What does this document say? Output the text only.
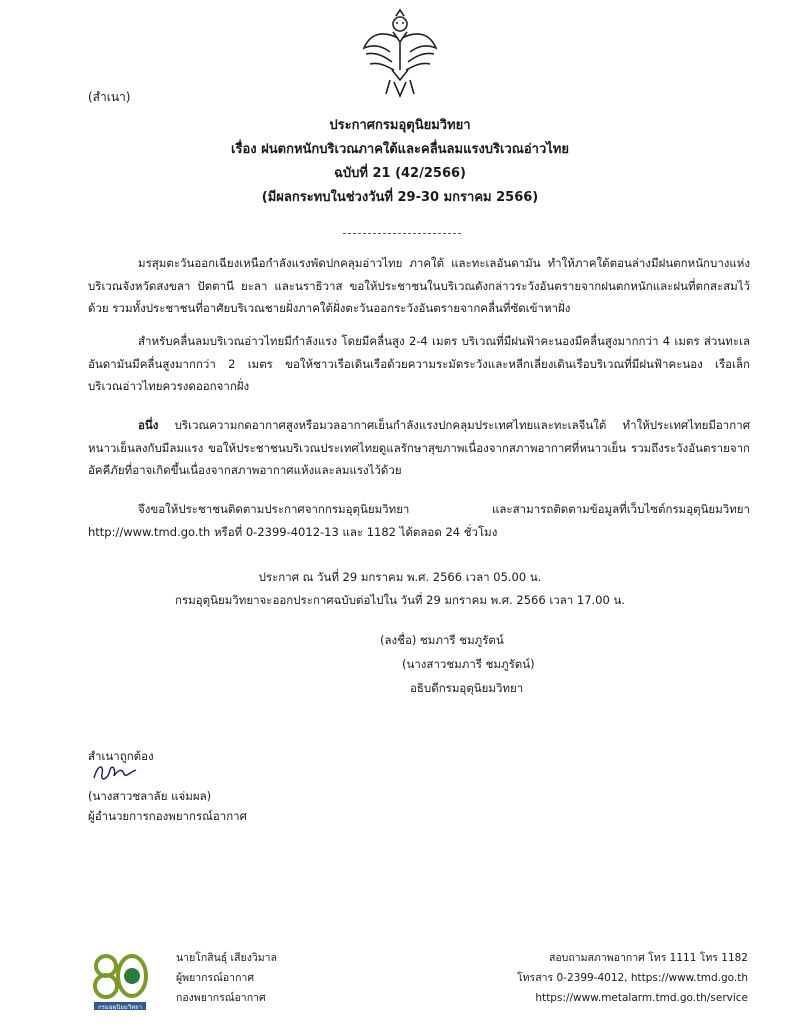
(สำเนา)
ประกาศกรมอุตุนิยมวิทยา
เรื่อง ฝนตกหนักบริเวณภาคใต้และคลื่นลมแรงบริเวณอ่าวไทย
ฉบับที่ 21 (42/2566)
(มีผลกระทบในช่วงวันที่ 29-30 มกราคม 2566)

มรสุมตะวันออกเฉียงเหนือกำลังแรงพัดปกคลุมอ่าวไทย ภาคใต้ และทะเลอันดามัน ทำให้ภาคใต้ตอนล่างมีฝนตกหนักบางแห่งบริเวณจังหวัดสงขลา ปัตตานี ยะลา และนราธิวาส ขอให้ประชาชนในบริเวณดังกล่าวระวังอันตรายจากฝนตกหนักและฝนที่ตกสะสมไว้ด้วย รวมทั้งประชาชนที่อาศัยบริเวณชายฝั่งภาคใต้ฝั่งตะวันออกระวังอันตรายจากคลื่นที่ซัดเข้าหาฝั่ง

สำหรับคลื่นลมบริเวณอ่าวไทยมีกำลังแรง โดยมีคลื่นสูง 2-4 เมตร บริเวณที่มีฝนฟ้าคะนองมีคลื่นสูงมากกว่า 4 เมตร ส่วนทะเลอันดามันมีคลื่นสูงมากกว่า 2 เมตร ขอให้ชาวเรือเดินเรือด้วยความระมัดระวังและหลีกเลี่ยงเดินเรือบริเวณที่มีฝนฟ้าคะนอง เรือเล็กบริเวณอ่าวไทยควรงดออกจากฝั่ง

อนึ่ง บริเวณความกดอากาศสูงหรือมวลอากาศเย็นกำลังแรงปกคลุมประเทศไทยและทะเลจีนใต้ ทำให้ประเทศไทยมีอากาศหนาวเย็นลงกับมีลมแรง ขอให้ประชาชนบริเวณประเทศไทยดูแลรักษาสุขภาพเนื่องจากสภาพอากาศที่หนาวเย็น รวมถึงระวังอันตรายจากอัคคีภัยที่อาจเกิดขึ้นเนื่องจากสภาพอากาศแห้งและลมแรงไว้ด้วย

จึงขอให้ประชาชนติดตามประกาศจากกรมอุตุนิยมวิทยา และสามารถติดตามข้อมูลที่เว็บไซต์กรมอุตุนิยมวิทยา http://www.tmd.go.th หรือที่ 0-2399-4012-13 และ 1182 ได้ตลอด 24 ชั่วโมง

ประกาศ ณ วันที่ 29 มกราคม พ.ศ. 2566 เวลา 05.00 น.
กรมอุตุนิยมวิทยาจะออกประกาศฉบับต่อไปใน วันที่ 29 มกราคม พ.ศ. 2566 เวลา 17.00 น.
(ลงชื่อ) ชมภารี ชมภูรัตน์
(นางสาวชมภารี ชมภูรัตน์)
อธิบดีกรมอุตุนิยมวิทยา
สำเนาถูกต้อง
(นางสาวชลาลัย แจ่มผล)
ผู้อำนวยการกองพยากรณ์อากาศ
กรมอุตุนิยมวิทยา
นายโกสินธุ์ เสียงวิมาล
ผู้พยากรณ์อากาศ
กองพยากรณ์อากาศ
สอบถามสภาพอากาศ โทร 1111 โทร 1182
โทรสาร 0-2399-4012, https://www.tmd.go.th
https://www.metalarm.tmd.go.th/service
